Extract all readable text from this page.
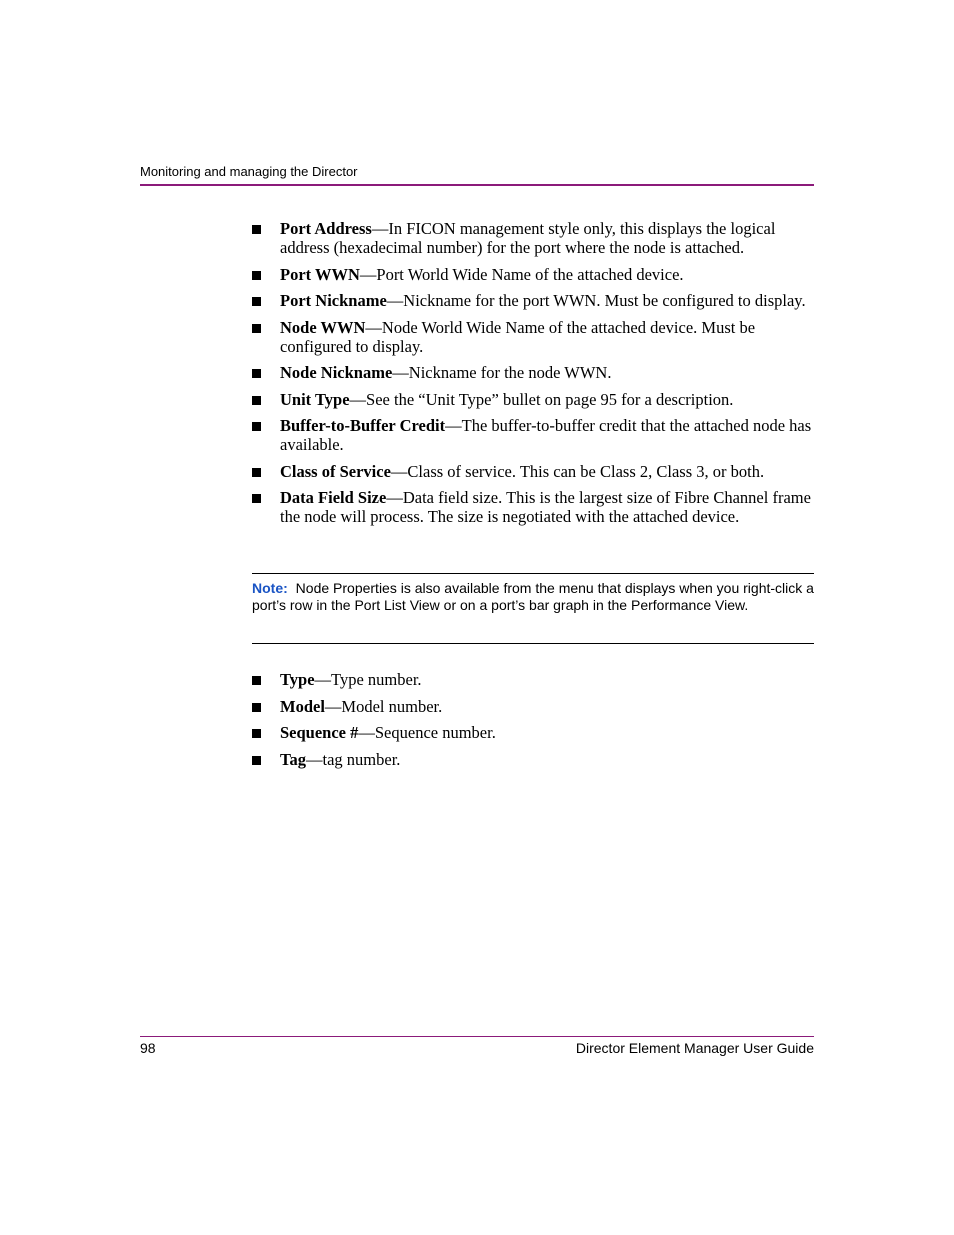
Monitoring and managing the Director
Port Address—In FICON management style only, this displays the logical address (hexadecimal number) for the port where the node is attached.
Port WWN—Port World Wide Name of the attached device.
Port Nickname—Nickname for the port WWN. Must be configured to display.
Node WWN—Node World Wide Name of the attached device. Must be configured to display.
Node Nickname—Nickname for the node WWN.
Unit Type—See the “Unit Type” bullet on page 95 for a description.
Buffer-to-Buffer Credit—The buffer-to-buffer credit that the attached node has available.
Class of Service—Class of service. This can be Class 2, Class 3, or both.
Data Field Size—Data field size. This is the largest size of Fibre Channel frame the node will process. The size is negotiated with the attached device.
Note: Node Properties is also available from the menu that displays when you right-click a port’s row in the Port List View or on a port’s bar graph in the Performance View.
Type—Type number.
Model—Model number.
Sequence #—Sequence number.
Tag—tag number.
98	Director Element Manager User Guide
